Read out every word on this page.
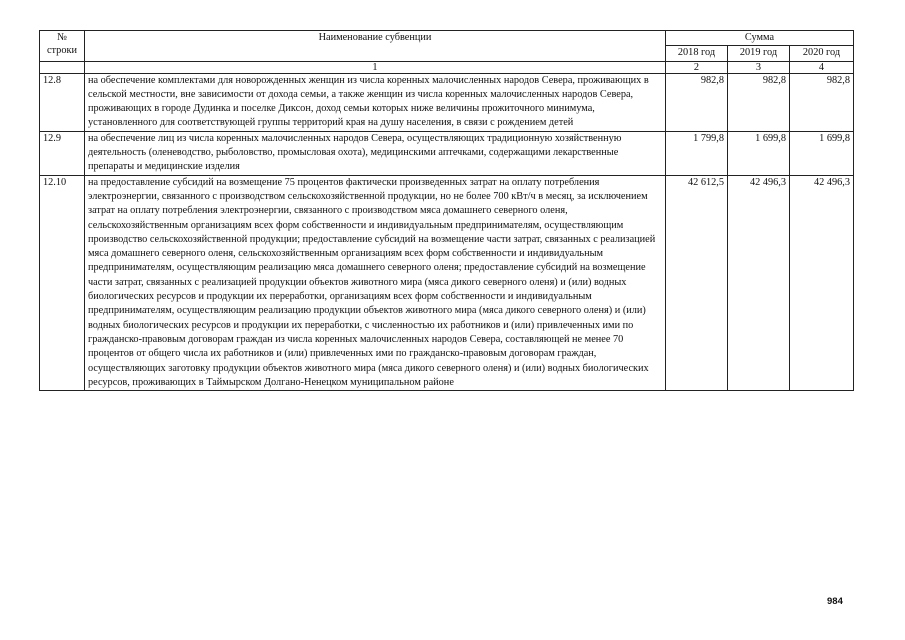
№
строки	Наименование субвенции	Сумма		
		2018 год	2019 год	2020 год
	1	2	3	4
12.8	на обеспечение комплектами для новорожденных женщин из числа коренных малочисленных народов Севера, проживающих в сельской местности, вне зависимости от дохода семьи, а также женщин из числа коренных малочисленных народов Севера, проживающих в городе Дудинка и поселке Диксон, доход семьи которых ниже величины прожиточного минимума, установленного для соответствующей группы территорий края на душу населения, в связи с рождением детей	982,8	982,8	982,8
12.9	на обеспечение лиц из числа коренных малочисленных народов Севера, осуществляющих традиционную хозяйственную деятельность (оленеводство, рыболовство, промысловая охота), медицинскими аптечками, содержащими лекарственные препараты и медицинские изделия	1 799,8	1 699,8	1 699,8
12.10	на предоставление субсидий на возмещение 75 процентов фактически произведенных затрат на оплату потребления электроэнергии, связанного с производством сельскохозяйственной продукции, но не более 700 кВт/ч в месяц, за исключением затрат на оплату потребления электроэнергии, связанного с производством мяса домашнего северного оленя, сельскохозяйственным организациям всех форм собственности и индивидуальным предпринимателям, осуществляющим производство сельскохозяйственной продукции; предоставление субсидий на возмещение части затрат, связанных с реализацией мяса домашнего северного оленя, сельскохозяйственным организациям всех форм собственности и индивидуальным предпринимателям, осуществляющим реализацию мяса домашнего северного оленя; предоставление субсидий на возмещение части затрат, связанных с реализацией продукции объектов животного мира (мяса дикого северного оленя) и (или) водных биологических ресурсов и продукции их переработки, организациям всех форм собственности и индивидуальным предпринимателям, осуществляющим реализацию продукции объектов животного мира (мяса дикого северного оленя) и (или) водных биологических ресурсов и продукции их переработки, с численностью их работников и (или) привлеченных ими по гражданско-правовым договорам граждан из числа коренных малочисленных народов Севера, составляющей не менее 70 процентов от общего числа их работников и (или) привлеченных ими по гражданско-правовым договорам граждан, осуществляющих заготовку продукции объектов животного мира (мяса дикого северного оленя) и (или) водных биологических ресурсов, проживающих в Таймырском Долгано-Ненецком муниципальном районе	42 612,5	42 496,3	42 496,3
984
